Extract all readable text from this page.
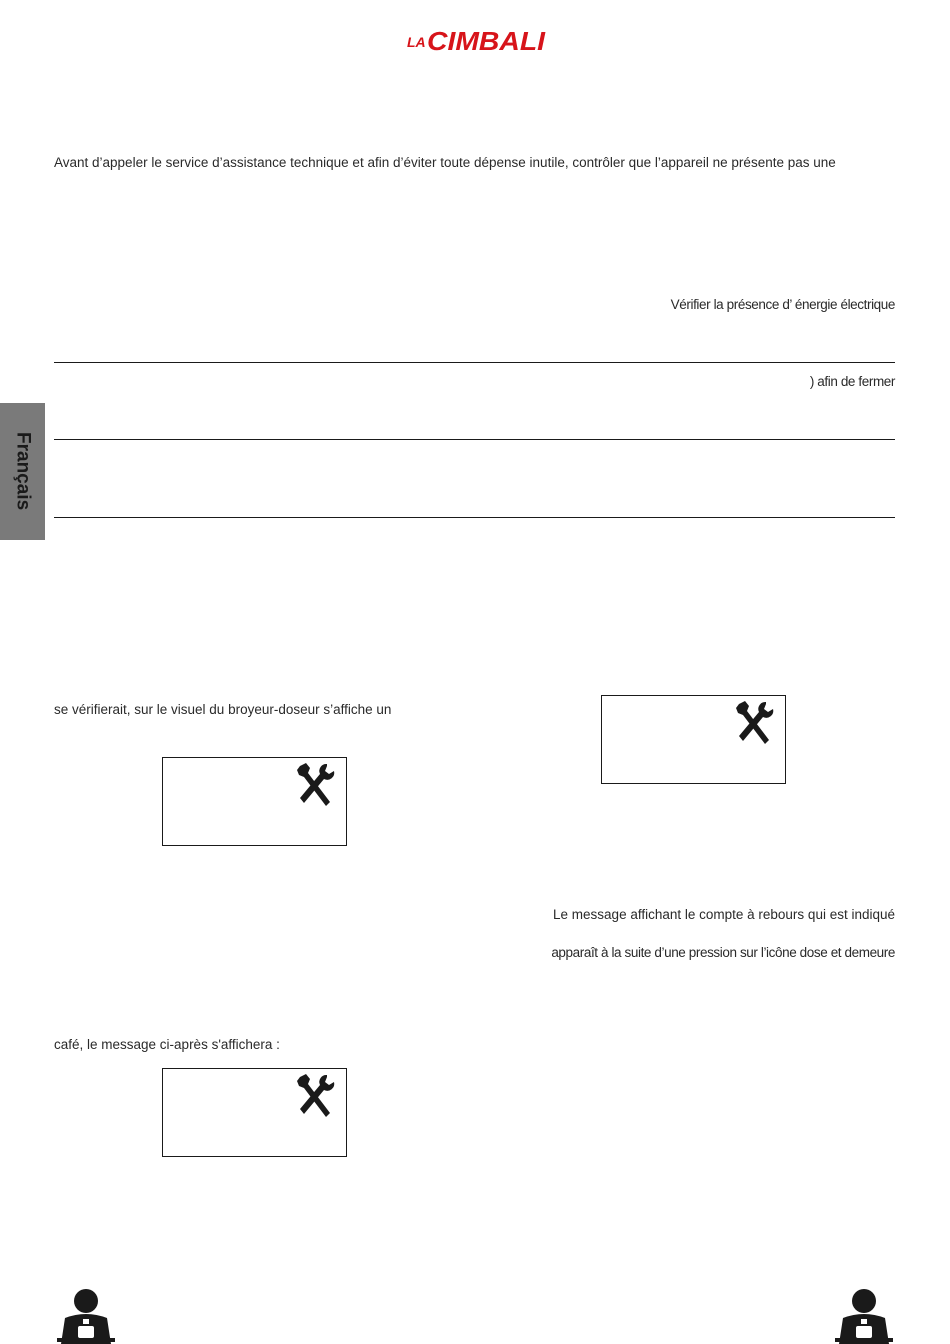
LA CIMBALI
Avant d’appeler le service d’assistance technique et afin d’éviter toute dépense inutile, contrôler que l’appareil ne présente pas une
Vérifier la présence d’ énergie électrique
) afin de fermer
Français
se vérifierait, sur le visuel du broyeur-doseur s’affiche un
Le message affichant le compte à rebours qui est indiqué
apparaît à la suite d’une pression sur l’icône dose et demeure
café, le message ci-après s'affichera :
